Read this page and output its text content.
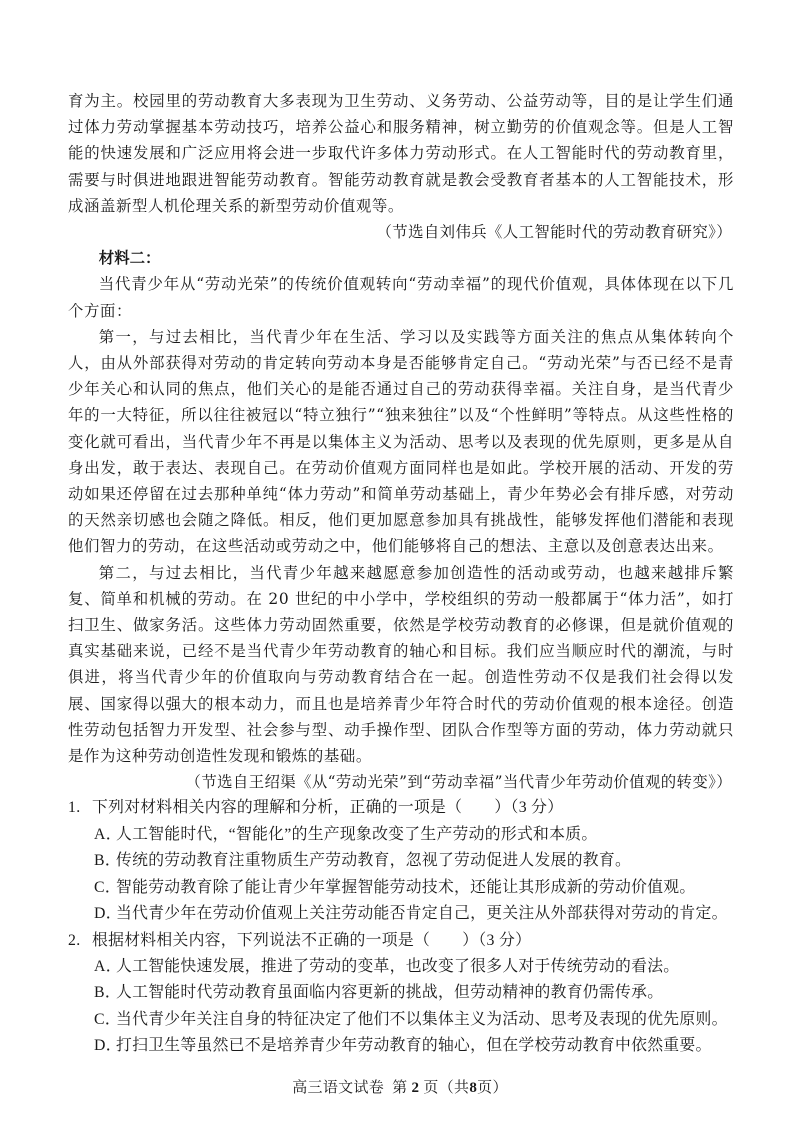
育为主。校园里的劳动教育大多表现为卫生劳动、义务劳动、公益劳动等，目的是让学生们通过体力劳动掌握基本劳动技巧，培养公益心和服务精神，树立勤劳的价值观念等。但是人工智能的快速发展和广泛应用将会进一步取代许多体力劳动形式。在人工智能时代的劳动教育里，需要与时俱进地跟进智能劳动教育。智能劳动教育就是教会受教育者基本的人工智能技术，形成涵盖新型人机伦理关系的新型劳动价值观等。

（节选自刘伟兵《人工智能时代的劳动教育研究》）

材料二：

当代青少年从“劳动光荣”的传统价值观转向“劳动幸福”的现代价值观，具体体现在以下几个方面：

第一，与过去相比，当代青少年在生活、学习以及实践等方面关注的焦点从集体转向个人，由从外部获得对劳动的肯定转向劳动本身是否能够肯定自己。“劳动光荣”与否已经不是青少年关心和认同的焦点，他们关心的是能否通过自己的劳动获得幸福。关注自身，是当代青少年的一大特征，所以往往被冠以“特立独行”“独来独往”以及“个性鲜明”等特点。从这些性格的变化就可看出，当代青少年不再是以集体主义为活动、思考以及表现的优先原则，更多是从自身出发，敢于表达、表现自己。在劳动价值观方面同样也是如此。学校开展的活动、开发的劳动如果还停留在过去那种单纯“体力劳动”和简单劳动基础上，青少年势必会有排斥感，对劳动的天然亲切感也会随之降低。相反，他们更加愿意参加具有挑战性，能够发挥他们潜能和表现他们智力的劳动，在这些活动或劳动之中，他们能够将自己的想法、主意以及创意表达出来。

第二，与过去相比，当代青少年越来越愿意参加创造性的活动或劳动，也越来越排斥繁复、简单和机械的劳动。在 20 世纪的中小学中，学校组织的劳动一般都属于“体力活”，如打扫卫生、做家务活。这些体力劳动固然重要，依然是学校劳动教育的必修课，但是就价值观的真实基础来说，已经不是当代青少年劳动教育的轴心和目标。我们应当顺应时代的潮流，与时俱进，将当代青少年的价值取向与劳动教育结合在一起。创造性劳动不仅是我们社会得以发展、国家得以强大的根本动力，而且也是培养青少年符合时代的劳动价值观的根本途径。创造性劳动包括智力开发型、社会参与型、动手操作型、团队合作型等方面的劳动，体力劳动就只是作为这种劳动创造性发现和锻炼的基础。

（节选自王绍渠《从“劳动光荣”到“劳动幸福”当代青少年劳动价值观的转变》）

1. 下列对材料相关内容的理解和分析，正确的一项是（　　）（3 分）

A．人工智能时代，“智能化”的生产现象改变了生产劳动的形式和本质。

B．传统的劳动教育注重物质生产劳动教育，忽视了劳动促进人发展的教育。

C．智能劳动教育除了能让青少年掌握智能劳动技术，还能让其形成新的劳动价值观。

D．当代青少年在劳动价值观上关注劳动能否肯定自己，更关注从外部获得对劳动的肯定。

2. 根据材料相关内容，下列说法不正确的一项是（　　）（3 分）

A．人工智能快速发展，推进了劳动的变革，也改变了很多人对于传统劳动的看法。

B．人工智能时代劳动教育虽面临内容更新的挑战，但劳动精神的教育仍需传承。

C．当代青少年关注自身的特征决定了他们不以集体主义为活动、思考及表现的优先原则。

D．打扫卫生等虽然已不是培养青少年劳动教育的轴心，但在学校劳动教育中依然重要。

高三语文试卷 第 2 页（共8页）
